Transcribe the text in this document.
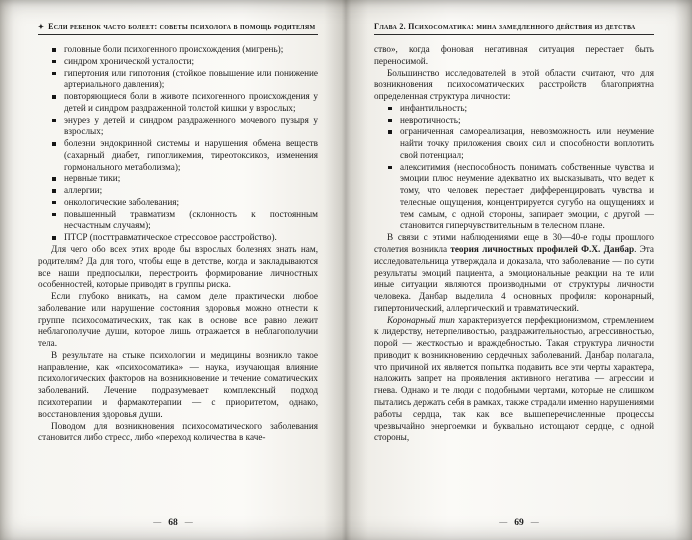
✦ Если ребенок часто болеет: советы психолога в помощь родителям
головные боли психогенного происхождения (мигрень);
синдром хронической усталости;
гипертония или гипотония (стойкое повышение или понижение артериального давления);
повторяющиеся боли в животе психогенного происхождения у детей и синдром раздраженной толстой кишки у взрослых;
энурез у детей и синдром раздраженного мочевого пузыря у взрослых;
болезни эндокринной системы и нарушения обмена веществ (сахарный диабет, гипогликемия, тиреотоксикоз, изменения гормонального метаболизма);
нервные тики;
аллергии;
онкологические заболевания;
повышенный травматизм (склонность к постоянным несчастным случаям);
ПТСР (посттравматическое стрессовое расстройство).

Для чего обо всех этих вроде бы взрослых болезнях знать нам, родителям? Да для того, чтобы еще в детстве, когда и закладываются все наши предпосылки, перестроить формирование личностных особенностей, которые приводят в группы риска.

Если глубоко вникать, на самом деле практически любое заболевание или нарушение состояния здоровья можно отнести к группе психосоматических, так как в основе все равно лежит неблагополучие души, которое лишь отражается в неблагополучии тела.

В результате на стыке психологии и медицины возникло такое направление, как «психосоматика» — наука, изучающая влияние психологических факторов на возникновение и течение соматических заболеваний. Лечение подразумевает комплексный подход психотерапии и фармакотерапии — с приоритетом, однако, восстановления здоровья души.

Поводом для возникновения психосоматического заболевания становится либо стресс, либо «переход количества в каче-

— 68 —
Глава 2. Психосоматика: мина замедленного действия из детства

ство», когда фоновая негативная ситуация перестает быть переносимой.

Большинство исследователей в этой области считают, что для возникновения психосоматических расстройств благоприятна определенная структура личности:

инфантильность;
невротичность;
ограниченная самореализация, невозможность или неумение найти точку приложения своих сил и способности воплотить свой потенциал;
алекситимия (неспособность понимать собственные чувства и эмоции плюс неумение адекватно их высказывать, что ведет к тому, что человек перестает дифференцировать чувства и телесные ощущения, концентрируется сугубо на ощущениях и тем самым, с одной стороны, запирает эмоции, с другой — становится гиперчувствительным в телесном плане.

В связи с этими наблюдениями еще в 30—40-е годы прошлого столетия возникла теория личностных профилей Ф.Х. Данбар. Эта исследовательница утверждала и доказала, что заболевание — по сути результаты эмоций пациента, а эмоциональные реакции на те или иные ситуации являются производными от структуры личности человека. Данбар выделила 4 основных профиля: коронарный, гипертонический, аллергический и травматический.

Коронарный тип характеризуется перфекционизмом, стремлением к лидерству, нетерпеливостью, раздражительностью, агрессивностью, порой — жесткостью и враждебностью. Такая структура личности приводит к возникновению сердечных заболеваний. Данбар полагала, что причиной их является попытка подавить все эти черты характера, наложить запрет на проявления активного негатива — агрессии и гнева. Однако и те люди с подобными чертами, которые не слишком пытались держать себя в рамках, также страдали именно нарушениями работы сердца, так как все вышеперечисленные процессы чрезвычайно энергоемки и буквально истощают сердце, с одной стороны,

— 69 —
